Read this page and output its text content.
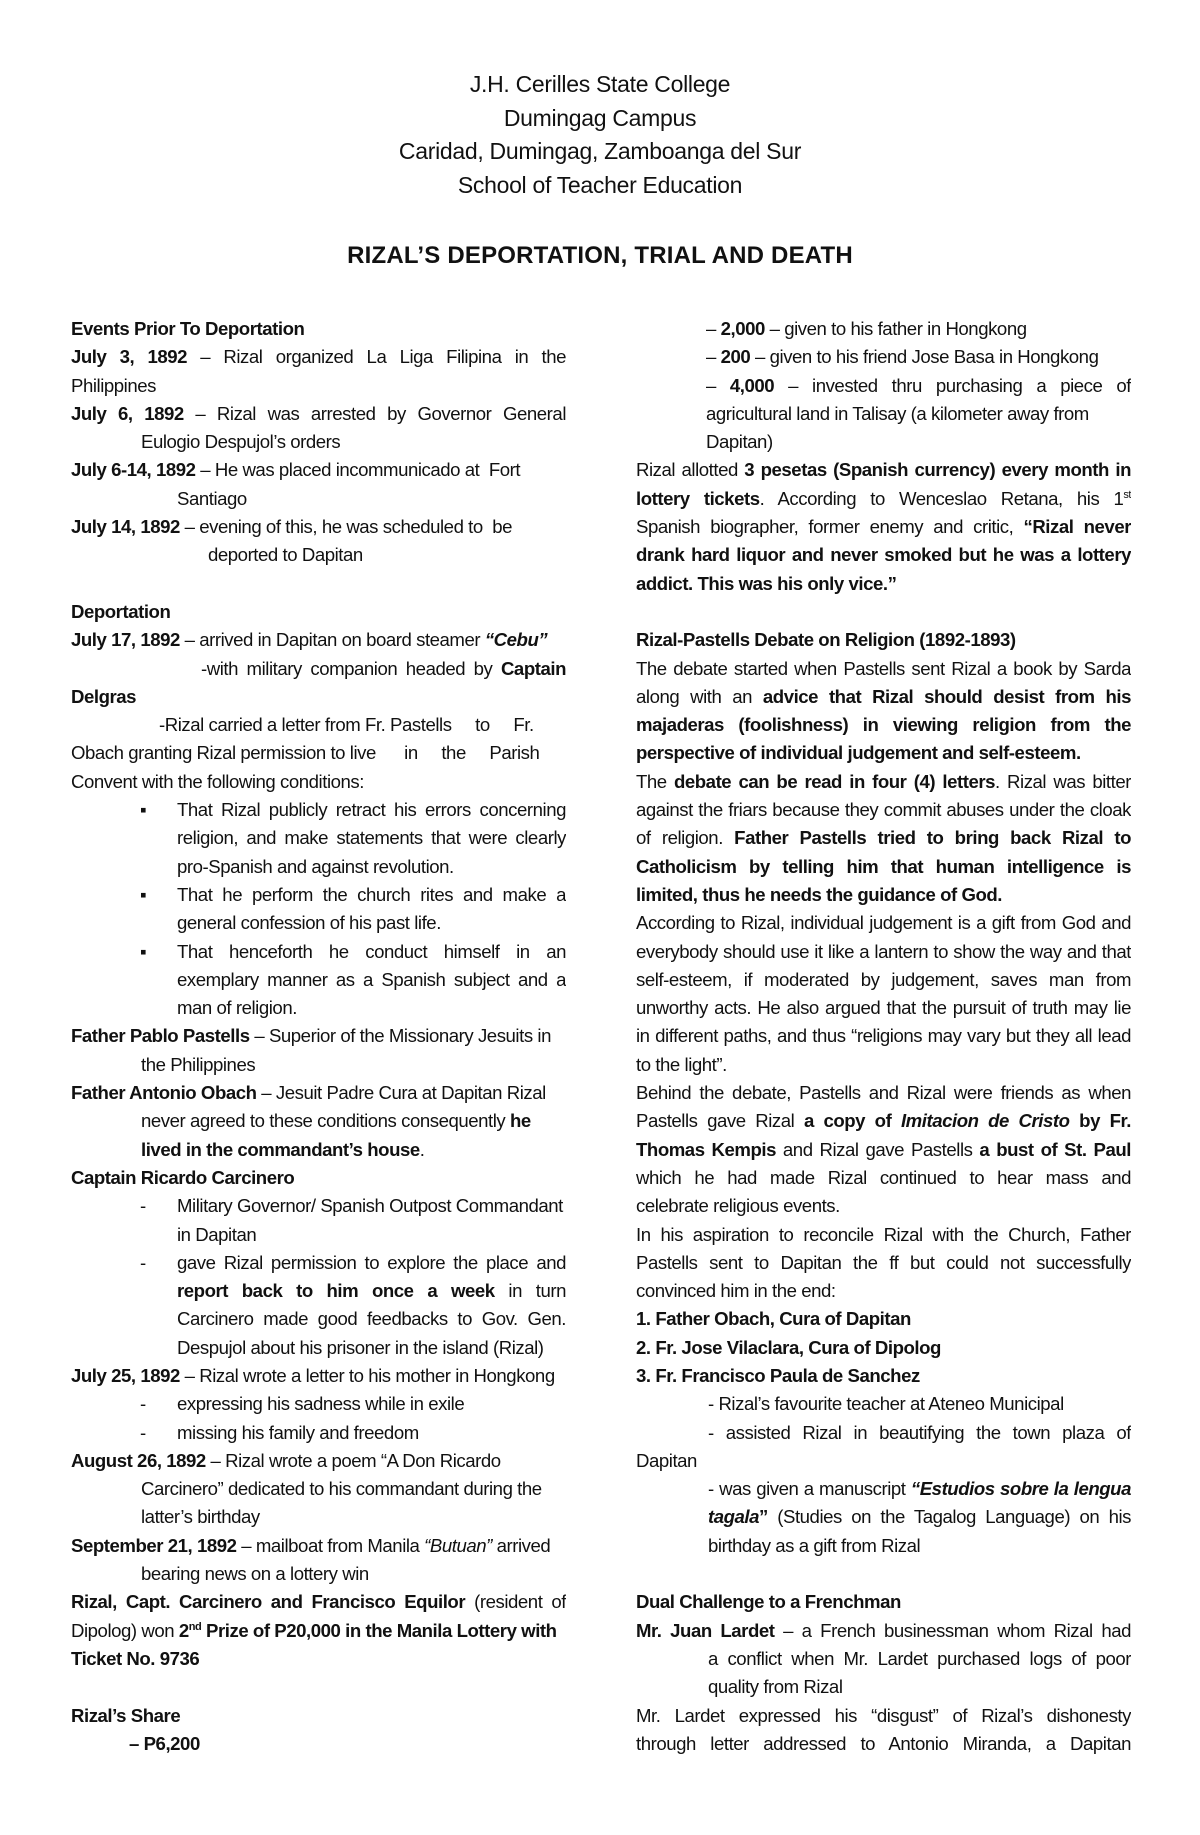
J.H. Cerilles State College
Dumingag Campus
Caridad, Dumingag, Zamboanga del Sur
School of Teacher Education
RIZAL’S DEPORTATION, TRIAL AND DEATH
Events Prior To Deportation
July 3, 1892 – Rizal organized La Liga Filipina in the
Philippines
July 6, 1892 – Rizal was arrested by Governor General
Eulogio Despujol’s orders
July 6-14, 1892 – He was placed incommunicado at  Fort
Santiago
July 14, 1892 – evening of this, he was scheduled to  be
deported to Dapitan
Deportation
July 17, 1892 – arrived in Dapitan on board steamer “Cebu”
-with military companion headed by Captain
Delgras
-Rizal carried a letter from Fr. Pastells     to     Fr.
Obach granting Rizal permission to live      in     the     Parish
Convent with the following conditions:
▪ That Rizal publicly retract his errors concerning
religion, and make statements that were clearly
pro-Spanish and against revolution.
▪ That he perform the church rites and make a
general confession of his past life.
▪ That henceforth he conduct himself in an
exemplary manner as a Spanish subject and a
man of religion.
Father Pablo Pastells – Superior of the Missionary Jesuits in
the Philippines
Father Antonio Obach – Jesuit Padre Cura at Dapitan Rizal
never agreed to these conditions consequently he
lived in the commandant’s house.
Captain Ricardo Carcinero
- Military Governor/ Spanish Outpost Commandant
in Dapitan
- gave Rizal permission to explore the place and
report back to him once a week in turn
Carcinero made good feedbacks to Gov. Gen.
Despujol about his prisoner in the island (Rizal)
July 25, 1892 – Rizal wrote a letter to his mother in Hongkong
- expressing his sadness while in exile
- missing his family and freedom
August 26, 1892 – Rizal wrote a poem “A Don Ricardo
Carcinero” dedicated to his commandant during the
latter’s birthday
September 21, 1892 – mailboat from Manila “Butuan” arrived
bearing news on a lottery win
Rizal, Capt. Carcinero and Francisco Equilor (resident of
Dipolog) won 2nd Prize of P20,000 in the Manila Lottery with
Ticket No. 9736
Rizal’s Share
– P6,200
– 2,000 – given to his father in Hongkong
– 200 – given to his friend Jose Basa in Hongkong
– 4,000 – invested thru purchasing a piece of
agricultural land in Talisay (a kilometer away from
Dapitan)
Rizal allotted 3 pesetas (Spanish currency) every month in
lottery tickets. According to Wenceslao Retana, his 1st
Spanish biographer, former enemy and critic, “Rizal never
drank hard liquor and never smoked but he was a lottery
addict. This was his only vice.”
Rizal-Pastells Debate on Religion (1892-1893)
The debate started when Pastells sent Rizal a book by Sarda
along with an advice that Rizal should desist from his
majaderas (foolishness) in viewing religion from the
perspective of individual judgement and self-esteem.
The debate can be read in four (4) letters. Rizal was bitter
against the friars because they commit abuses under the cloak
of religion. Father Pastells tried to bring back Rizal to
Catholicism by telling him that human intelligence is
limited, thus he needs the guidance of God.
According to Rizal, individual judgement is a gift from God and
everybody should use it like a lantern to show the way and that
self-esteem, if moderated by judgement, saves man from
unworthy acts. He also argued that the pursuit of truth may lie
in different paths, and thus “religions may vary but they all lead
to the light”.
Behind the debate, Pastells and Rizal were friends as when
Pastells gave Rizal a copy of Imitacion de Cristo by Fr.
Thomas Kempis and Rizal gave Pastells a bust of St. Paul
which he had made Rizal continued to hear mass and
celebrate religious events.
In his aspiration to reconcile Rizal with the Church, Father
Pastells sent to Dapitan the ff but could not successfully
convinced him in the end:
1. Father Obach, Cura of Dapitan
2. Fr. Jose Vilaclara, Cura of Dipolog
3. Fr. Francisco Paula de Sanchez
- Rizal’s favourite teacher at Ateneo Municipal
- assisted Rizal in beautifying the town plaza of
Dapitan
- was given a manuscript “Estudios sobre la lengua
tagala” (Studies on the Tagalog Language) on his
birthday as a gift from Rizal
Dual Challenge to a Frenchman
Mr. Juan Lardet – a French businessman whom Rizal had
a conflict when Mr. Lardet purchased logs of poor
quality from Rizal
Mr. Lardet expressed his “disgust” of Rizal’s dishonesty
through letter addressed to Antonio Miranda, a Dapitan
